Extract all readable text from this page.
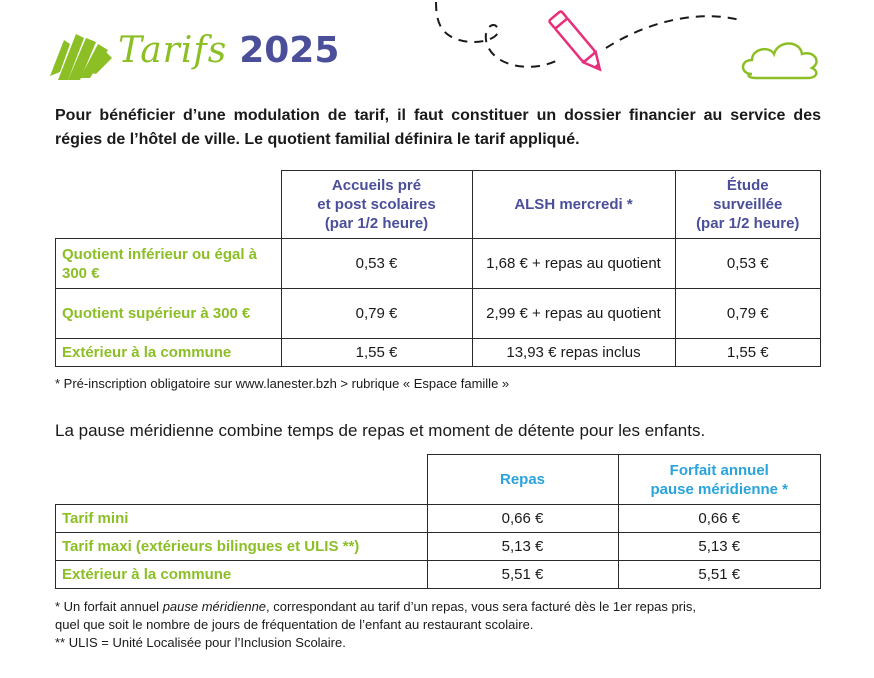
Tarifs 2025
Pour bénéficier d’une modulation de tarif, il faut constituer un dossier financier au service des régies de l’hôtel de ville. Le quotient familial définira le tarif appliqué.
	Accueils pré
et post scolaires
(par 1/2 heure)	ALSH mercredi *	Étude
surveillée
(par 1/2 heure)
Quotient inférieur ou égal à 300 €	0,53 €	1,68 € + repas au quotient	0,53 €
Quotient supérieur à 300 €	0,79 €	2,99 € + repas au quotient	0,79 €
Extérieur à la commune	1,55 €	13,93 € repas inclus	1,55 €
* Pré-inscription obligatoire sur www.lanester.bzh > rubrique « Espace famille »
La pause méridienne combine temps de repas et moment de détente pour les enfants.
	Repas	Forfait annuel
pause méridienne *
Tarif mini	0,66 €	0,66 €
Tarif maxi (extérieurs bilingues et ULIS **)	5,13 €	5,13 €
Extérieur à la commune	5,51 €	5,51 €
* Un forfait annuel pause méridienne, correspondant au tarif d’un repas, vous sera facturé dès le 1er repas pris,
quel que soit le nombre de jours de fréquentation de l’enfant au restaurant scolaire.
** ULIS = Unité Localisée pour l’Inclusion Scolaire.
